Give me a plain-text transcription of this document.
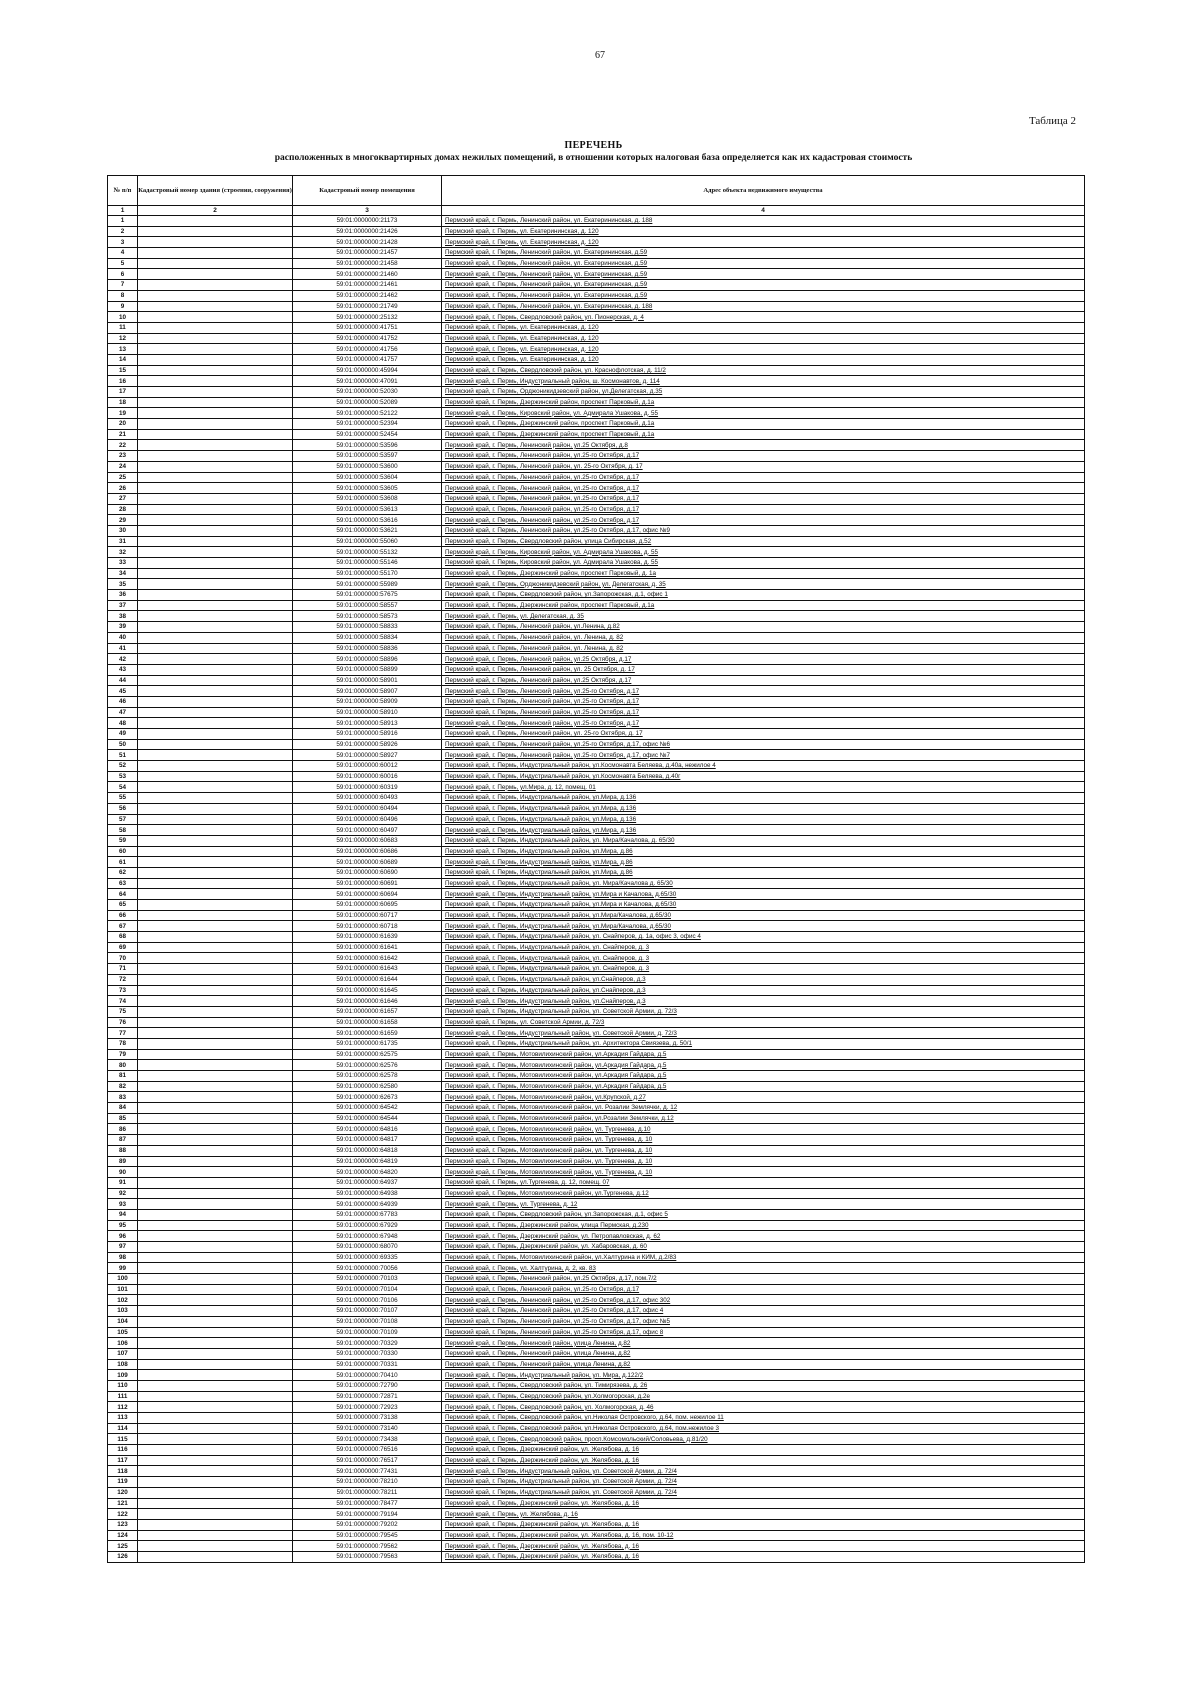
67
Таблица 2
ПЕРЕЧЕНЬ
расположенных в многоквартирных домах нежилых помещений, в отношении которых налоговая база определяется как их кадастровая стоимость
№ п/п	Кадастровый номер здания (строения, сооружения)	Кадастровый номер помещения	Адрес объекта недвижимого имущества
1	2	3	4
1		59:01:0000000:21173	Пермский край, г. Пермь, Ленинский район, ул. Екатерининская, д. 188
2		59:01:0000000:21426	Пермский край, г. Пермь, ул. Екатерининская, д. 120
3		59:01:0000000:21428	Пермский край, г. Пермь, ул. Екатерининская, д. 120
4		59:01:0000000:21457	Пермский край, г. Пермь, Ленинский район, ул. Екатерининская, д.59
5		59:01:0000000:21458	Пермский край, г. Пермь, Ленинский район, ул. Екатерининская, д.59
6		59:01:0000000:21460	Пермский край, г. Пермь, Ленинский район, ул. Екатерининская, д.59
7		59:01:0000000:21461	Пермский край, г. Пермь, Ленинский район, ул. Екатерининская, д.59
8		59:01:0000000:21462	Пермский край, г. Пермь, Ленинский район, ул. Екатерининская, д.59
9		59:01:0000000:21749	Пермский край, г. Пермь, Ленинский район, ул. Екатерининская, д. 188
10		59:01:0000000:25132	Пермский край, г. Пермь, Свердловский район, ул. Пионерская, д. 4
11		59:01:0000000:41751	Пермский край, г. Пермь, ул. Екатерининская, д. 120
12		59:01:0000000:41752	Пермский край, г. Пермь, ул. Екатерининская, д. 120
13		59:01:0000000:41756	Пермский край, г. Пермь, ул. Екатерининская, д. 120
14		59:01:0000000:41757	Пермский край, г. Пермь, ул. Екатерининская, д. 120
15		59:01:0000000:45994	Пермский край, г. Пермь, Свердловский район, ул. Краснофлотская, д. 11/2
16		59:01:0000000:47091	Пермский край, г. Пермь, Индустриальный район, ш. Космонавтов, д. 114
17		59:01:0000000:52030	Пермский край, г. Пермь, Орджоникидзевский район, ул.Делегатская, д.35
18		59:01:0000000:52089	Пермский край, г. Пермь, Дзержинский район, проспект Парковый, д.1а
19		59:01:0000000:52122	Пермский край, г. Пермь, Кировский район, ул. Адмирала Ушакова, д. 55
20		59:01:0000000:52394	Пермский край, г. Пермь, Дзержинский район, проспект Парковый, д.1а
21		59:01:0000000:52454	Пермский край, г. Пермь, Дзержинский район, проспект Парковый, д.1а
22		59:01:0000000:53596	Пермский край, г. Пермь, Ленинский район, ул.25 Октября, д.8
23		59:01:0000000:53597	Пермский край, г. Пермь, Ленинский район, ул.25-го Октября, д.17
24		59:01:0000000:53600	Пермский край, г. Пермь, Ленинский район, ул. 25-го Октября, д. 17
25		59:01:0000000:53604	Пермский край, г. Пермь, Ленинский район, ул.25-го Октября, д.17
26		59:01:0000000:53605	Пермский край, г. Пермь, Ленинский район, ул.25-го Октября, д.17
27		59:01:0000000:53608	Пермский край, г. Пермь, Ленинский район, ул.25-го Октября, д.17
28		59:01:0000000:53613	Пермский край, г. Пермь, Ленинский район, ул.25-го Октября, д.17
29		59:01:0000000:53616	Пермский край, г. Пермь, Ленинский район, ул.25-го Октября, д.17
30		59:01:0000000:53621	Пермский край, г. Пермь, Ленинский район, ул.25-го Октября, д.17, офис №9
31		59:01:0000000:55060	Пермский край, г. Пермь, Свердловский район, улица Сибирская, д.52
32		59:01:0000000:55132	Пермский край, г. Пермь, Кировский район, ул. Адмирала Ушакова, д. 55
33		59:01:0000000:55146	Пермский край, г. Пермь, Кировский район, ул. Адмирала Ушакова, д. 55
34		59:01:0000000:55170	Пермский край, г. Пермь, Дзержинский район, проспект Парковый, д. 1а
35		59:01:0000000:55989	Пермский край, г. Пермь, Орджоникидзевский район, ул. Делегатская, д. 35
36		59:01:0000000:57675	Пермский край, г. Пермь, Свердловский район, ул.Запорожская, д.1, офис 1
37		59:01:0000000:58557	Пермский край, г. Пермь, Дзержинский район, проспект Парковый, д.1а
38		59:01:0000000:58573	Пермский край, г. Пермь, ул. Делегатская, д. 35
39		59:01:0000000:58833	Пермский край, г. Пермь, Ленинский район, ул.Ленина, д.82
40		59:01:0000000:58834	Пермский край, г. Пермь, Ленинский район, ул. Ленина, д. 82
41		59:01:0000000:58836	Пермский край, г. Пермь, Ленинский район, ул. Ленина, д. 82
42		59:01:0000000:58896	Пермский край, г. Пермь, Ленинский район, ул.25 Октября, д.17
43		59:01:0000000:58899	Пермский край, г. Пермь, Ленинский район, ул. 25 Октября, д. 17
44		59:01:0000000:58901	Пермский край, г. Пермь, Ленинский район, ул.25 Октября, д.17
45		59:01:0000000:58907	Пермский край, г. Пермь, Ленинский район, ул.25-го Октября, д.17
46		59:01:0000000:58909	Пермский край, г. Пермь, Ленинский район, ул.25-го Октября, д.17
47		59:01:0000000:58910	Пермский край, г. Пермь, Ленинский район, ул.25-го Октября, д.17
48		59:01:0000000:58913	Пермский край, г. Пермь, Ленинский район, ул.25-го Октября, д.17
49		59:01:0000000:58916	Пермский край, г. Пермь, Ленинский район, ул. 25-го Октября, д. 17
50		59:01:0000000:58926	Пермский край, г. Пермь, Ленинский район, ул.25-го Октября, д.17, офис №6
51		59:01:0000000:58927	Пермский край, г. Пермь, Ленинский район, ул.25-го Октября, д.17, офис №7
52		59:01:0000000:60012	Пермский край, г. Пермь, Индустриальный район, ул.Космонавта Беляева, д.40а, нежилое 4
53		59:01:0000000:60016	Пермский край, г. Пермь, Индустриальный район, ул.Космонавта Беляева, д.40г
54		59:01:0000000:60319	Пермский край, г. Пермь, ул.Мира, д. 12, помещ. 01
55		59:01:0000000:60493	Пермский край, г. Пермь, Индустриальный район, ул.Мира, д.136
56		59:01:0000000:60494	Пермский край, г. Пермь, Индустриальный район, ул.Мира, д.136
57		59:01:0000000:60496	Пермский край, г. Пермь, Индустриальный район, ул.Мира, д.136
58		59:01:0000000:60497	Пермский край, г. Пермь, Индустриальный район, ул.Мира, д.136
59		59:01:0000000:60683	Пермский край, г. Пермь, Индустриальный район, ул. Мира/Качалова, д. 65/30
60		59:01:0000000:60686	Пермский край, г. Пермь, Индустриальный район, ул.Мира, д.86
61		59:01:0000000:60689	Пермский край, г. Пермь, Индустриальный район, ул.Мира, д.86
62		59:01:0000000:60690	Пермский край, г. Пермь, Индустриальный район, ул.Мира, д.86
63		59:01:0000000:60691	Пермский край, г. Пермь, Индустриальный район, ул. Мира/Качалова д. 65/30
64		59:01:0000000:60694	Пермский край, г. Пермь, Индустриальный район, ул.Мира и Качалова, д.65/30
65		59:01:0000000:60695	Пермский край, г. Пермь, Индустриальный район, ул.Мира и Качалова, д.65/30
66		59:01:0000000:60717	Пермский край, г. Пермь, Индустриальный район, ул.Мира/Качалова, д.65/30
67		59:01:0000000:60718	Пермский край, г. Пермь, Индустриальный район, ул.Мира/Качалова, д.65/30
68		59:01:0000000:61639	Пермский край, г. Пермь, Индустриальный район, ул. Снайперов, д. 1а, офис 3, офис 4
69		59:01:0000000:61641	Пермский край, г. Пермь, Индустриальный район, ул. Снайперов, д. 3
70		59:01:0000000:61642	Пермский край, г. Пермь, Индустриальный район, ул. Снайперов, д. 3
71		59:01:0000000:61643	Пермский край, г. Пермь, Индустриальный район, ул. Снайперов, д. 3
72		59:01:0000000:61644	Пермский край, г. Пермь, Индустриальный район, ул.Снайперов, д.3
73		59:01:0000000:61645	Пермский край, г. Пермь, Индустриальный район, ул.Снайперов, д.3
74		59:01:0000000:61646	Пермский край, г. Пермь, Индустриальный район, ул.Снайперов, д.3
75		59:01:0000000:61657	Пермский край, г. Пермь, Индустриальный район, ул. Советской Армии, д. 72/3
76		59:01:0000000:61658	Пермский край, г. Пермь, ул. Советской Армии, д. 72/3
77		59:01:0000000:61659	Пермский край, г. Пермь, Индустриальный район, ул. Советской Армии, д. 72/3
78		59:01:0000000:61735	Пермский край, г. Пермь, Индустриальный район, ул. Архитектора Свиязева, д. 50/1
79		59:01:0000000:62575	Пермский край, г. Пермь, Мотовилихинский район, ул.Аркадия Гайдара, д.5
80		59:01:0000000:62576	Пермский край, г. Пермь, Мотовилихинский район, ул.Аркадия Гайдара, д.5
81		59:01:0000000:62578	Пермский край, г. Пермь, Мотовилихинский район, ул.Аркадия Гайдара, д.5
82		59:01:0000000:62580	Пермский край, г. Пермь, Мотовилихинский район, ул.Аркадия Гайдара, д.5
83		59:01:0000000:62673	Пермский край, г. Пермь, Мотовилихинский район, ул.Крупской, д.27
84		59:01:0000000:64542	Пермский край, г. Пермь, Мотовилихинский район, ул. Розалии Землячки, д. 12
85		59:01:0000000:64544	Пермский край, г. Пермь, Мотовилихинский район, ул.Розалии Землячки, д.12
86		59:01:0000000:64816	Пермский край, г. Пермь, Мотовилихинский район, ул. Тургенева, д.10
87		59:01:0000000:64817	Пермский край, г. Пермь, Мотовилихинский район, ул. Тургенева, д. 10
88		59:01:0000000:64818	Пермский край, г. Пермь, Мотовилихинский район, ул. Тургенева, д. 10
89		59:01:0000000:64819	Пермский край, г. Пермь, Мотовилихинский район, ул. Тургенева, д. 10
90		59:01:0000000:64820	Пермский край, г. Пермь, Мотовилихинский район, ул. Тургенева, д. 10
91		59:01:0000000:64937	Пермский край, г. Пермь, ул.Тургенева, д. 12, помещ. 07
92		59:01:0000000:64938	Пермский край, г. Пермь, Мотовилихинский район, ул.Тургенева, д.12
93		59:01:0000000:64939	Пермский край, г. Пермь, ул. Тургенева, д. 12
94		59:01:0000000:67783	Пермский край, г. Пермь, Свердловский район, ул.Запорожская, д.1, офис 5
95		59:01:0000000:67929	Пермский край, г. Пермь, Дзержинский район, улица Пермская, д.230
96		59:01:0000000:67948	Пермский край, г. Пермь, Дзержинский район, ул. Петропавловская, д. 62
97		59:01:0000000:68070	Пермский край, г. Пермь, Дзержинский район, ул. Хабаровская, д. 60
98		59:01:0000000:69335	Пермский край, г. Пермь, Мотовилихинский район, ул.Халтурина и КИМ, д.2/83
99		59:01:0000000:70056	Пермский край, г. Пермь, ул. Халтурина, д. 2, кв. 83
100		59:01:0000000:70103	Пермский край, г. Пермь, Ленинский район, ул.25 Октября, д.17, пом.7/2
101		59:01:0000000:70104	Пермский край, г. Пермь, Ленинский район, ул.25-го Октября, д.17
102		59:01:0000000:70106	Пермский край, г. Пермь, Ленинский район, ул.25-го Октября, д.17, офис 302
103		59:01:0000000:70107	Пермский край, г. Пермь, Ленинский район, ул.25-го Октября, д.17, офис 4
104		59:01:0000000:70108	Пермский край, г. Пермь, Ленинский район, ул.25-го Октября, д.17, офис №5
105		59:01:0000000:70109	Пермский край, г. Пермь, Ленинский район, ул.25-го Октября, д.17, офис 8
106		59:01:0000000:70329	Пермский край, г. Пермь, Ленинский район, улица Ленина, д.82
107		59:01:0000000:70330	Пермский край, г. Пермь, Ленинский район, улица Ленина, д.82
108		59:01:0000000:70331	Пермский край, г. Пермь, Ленинский район, улица Ленина, д.82
109		59:01:0000000:70410	Пермский край, г. Пермь, Индустриальный район, ул. Мира, д.122/2
110		59:01:0000000:72790	Пермский край, г. Пермь, Свердловский район, ул. Тимирязева, д. 26
111		59:01:0000000:72871	Пермский край, г. Пермь, Свердловский район, ул.Холмогорская, д.2е
112		59:01:0000000:72923	Пермский край, г. Пермь, Свердловский район, ул. Холмогорская, д. 46
113		59:01:0000000:73138	Пермский край, г. Пермь, Свердловский район, ул.Николая Островского, д.64, пом. нежилое 11
114		59:01:0000000:73140	Пермский край, г. Пермь, Свердловский район, ул.Николая Островского, д.64, пом.нежилое 3
115		59:01:0000000:73438	Пермский край, г. Пермь, Свердловский район, просп.Комсомольский/Соловьева, д.81/20
116		59:01:0000000:76516	Пермский край, г. Пермь, Дзержинский район, ул. Желябова, д. 16
117		59:01:0000000:76517	Пермский край, г. Пермь, Дзержинский район, ул. Желябова, д. 16
118		59:01:0000000:77431	Пермский край, г. Пермь, Индустриальный район, ул. Советской Армии, д. 72/4
119		59:01:0000000:78210	Пермский край, г. Пермь, Индустриальный район, ул. Советской Армии, д. 72/4
120		59:01:0000000:78211	Пермский край, г. Пермь, Индустриальный район, ул. Советской Армии, д. 72/4
121		59:01:0000000:78477	Пермский край, г. Пермь, Дзержинский район, ул. Желябова, д. 16
122		59:01:0000000:79194	Пермский край, г. Пермь, ул. Желябова, д. 16
123		59:01:0000000:79202	Пермский край, г. Пермь, Дзержинский район, ул. Желябова, д. 16
124		59:01:0000000:79545	Пермский край, г. Пермь, Дзержинский район, ул. Желябова, д. 16, пом. 10-12
125		59:01:0000000:79562	Пермский край, г. Пермь, Дзержинский район, ул. Желябова, д. 16
126		59:01:0000000:79563	Пермский край, г. Пермь, Дзержинский район, ул. Желябова, д. 16
